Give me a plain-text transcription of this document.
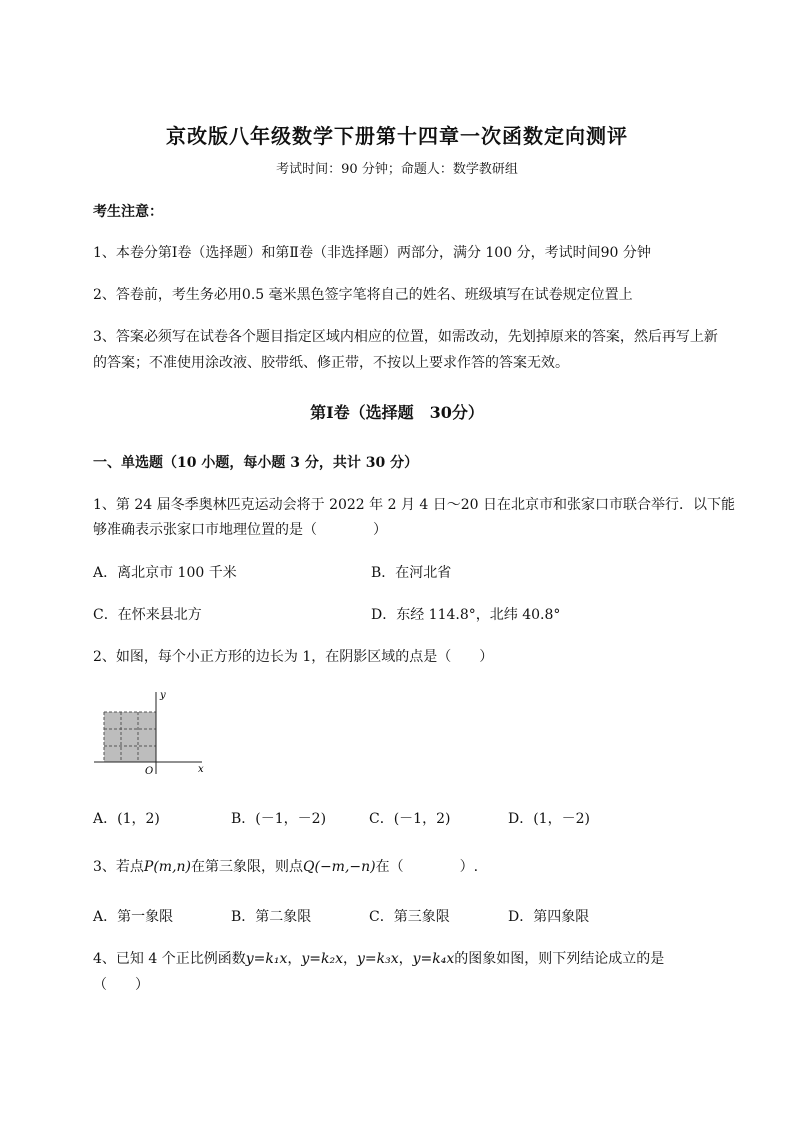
京改版八年级数学下册第十四章一次函数定向测评
考试时间：90 分钟；命题人：数学教研组
考生注意：
1、本卷分第Ⅰ卷（选择题）和第Ⅱ卷（非选择题）两部分，满分 100 分，考试时间90 分钟
2、答卷前，考生务必用0.5 毫米黑色签字笔将自己的姓名、班级填写在试卷规定位置上
3、答案必须写在试卷各个题目指定区域内相应的位置，如需改动，先划掉原来的答案，然后再写上新
的答案；不准使用涂改液、胶带纸、修正带，不按以上要求作答的答案无效。
第Ⅰ卷（选择题　30分）
一、单选题（10 小题，每小题 3 分，共计 30 分）
1、第 24 届冬季奥林匹克运动会将于 2022 年 2 月 4 日～20 日在北京市和张家口市联合举行．以下能
够准确表示张家口市地理位置的是（　　　　）
A．离北京市 100 千米	B．在河北省
C．在怀来县北方	D．东经 114.8°，北纬 40.8°
2、如图，每个小正方形的边长为 1，在阴影区域的点是（　　）
y
x
O
A．(1，2)	B．(－1，－2)	C．(－1，2)	D．(1，－2)
3、若点P(m,n)在第三象限，则点Q(−m,−n)在（　　　　）.
A．第一象限	B．第二象限	C．第三象限	D．第四象限
4、已知 4 个正比例函数y=k₁x，y=k₂x，y=k₃x，y=k₄x的图象如图，则下列结论成立的是
（　　）
